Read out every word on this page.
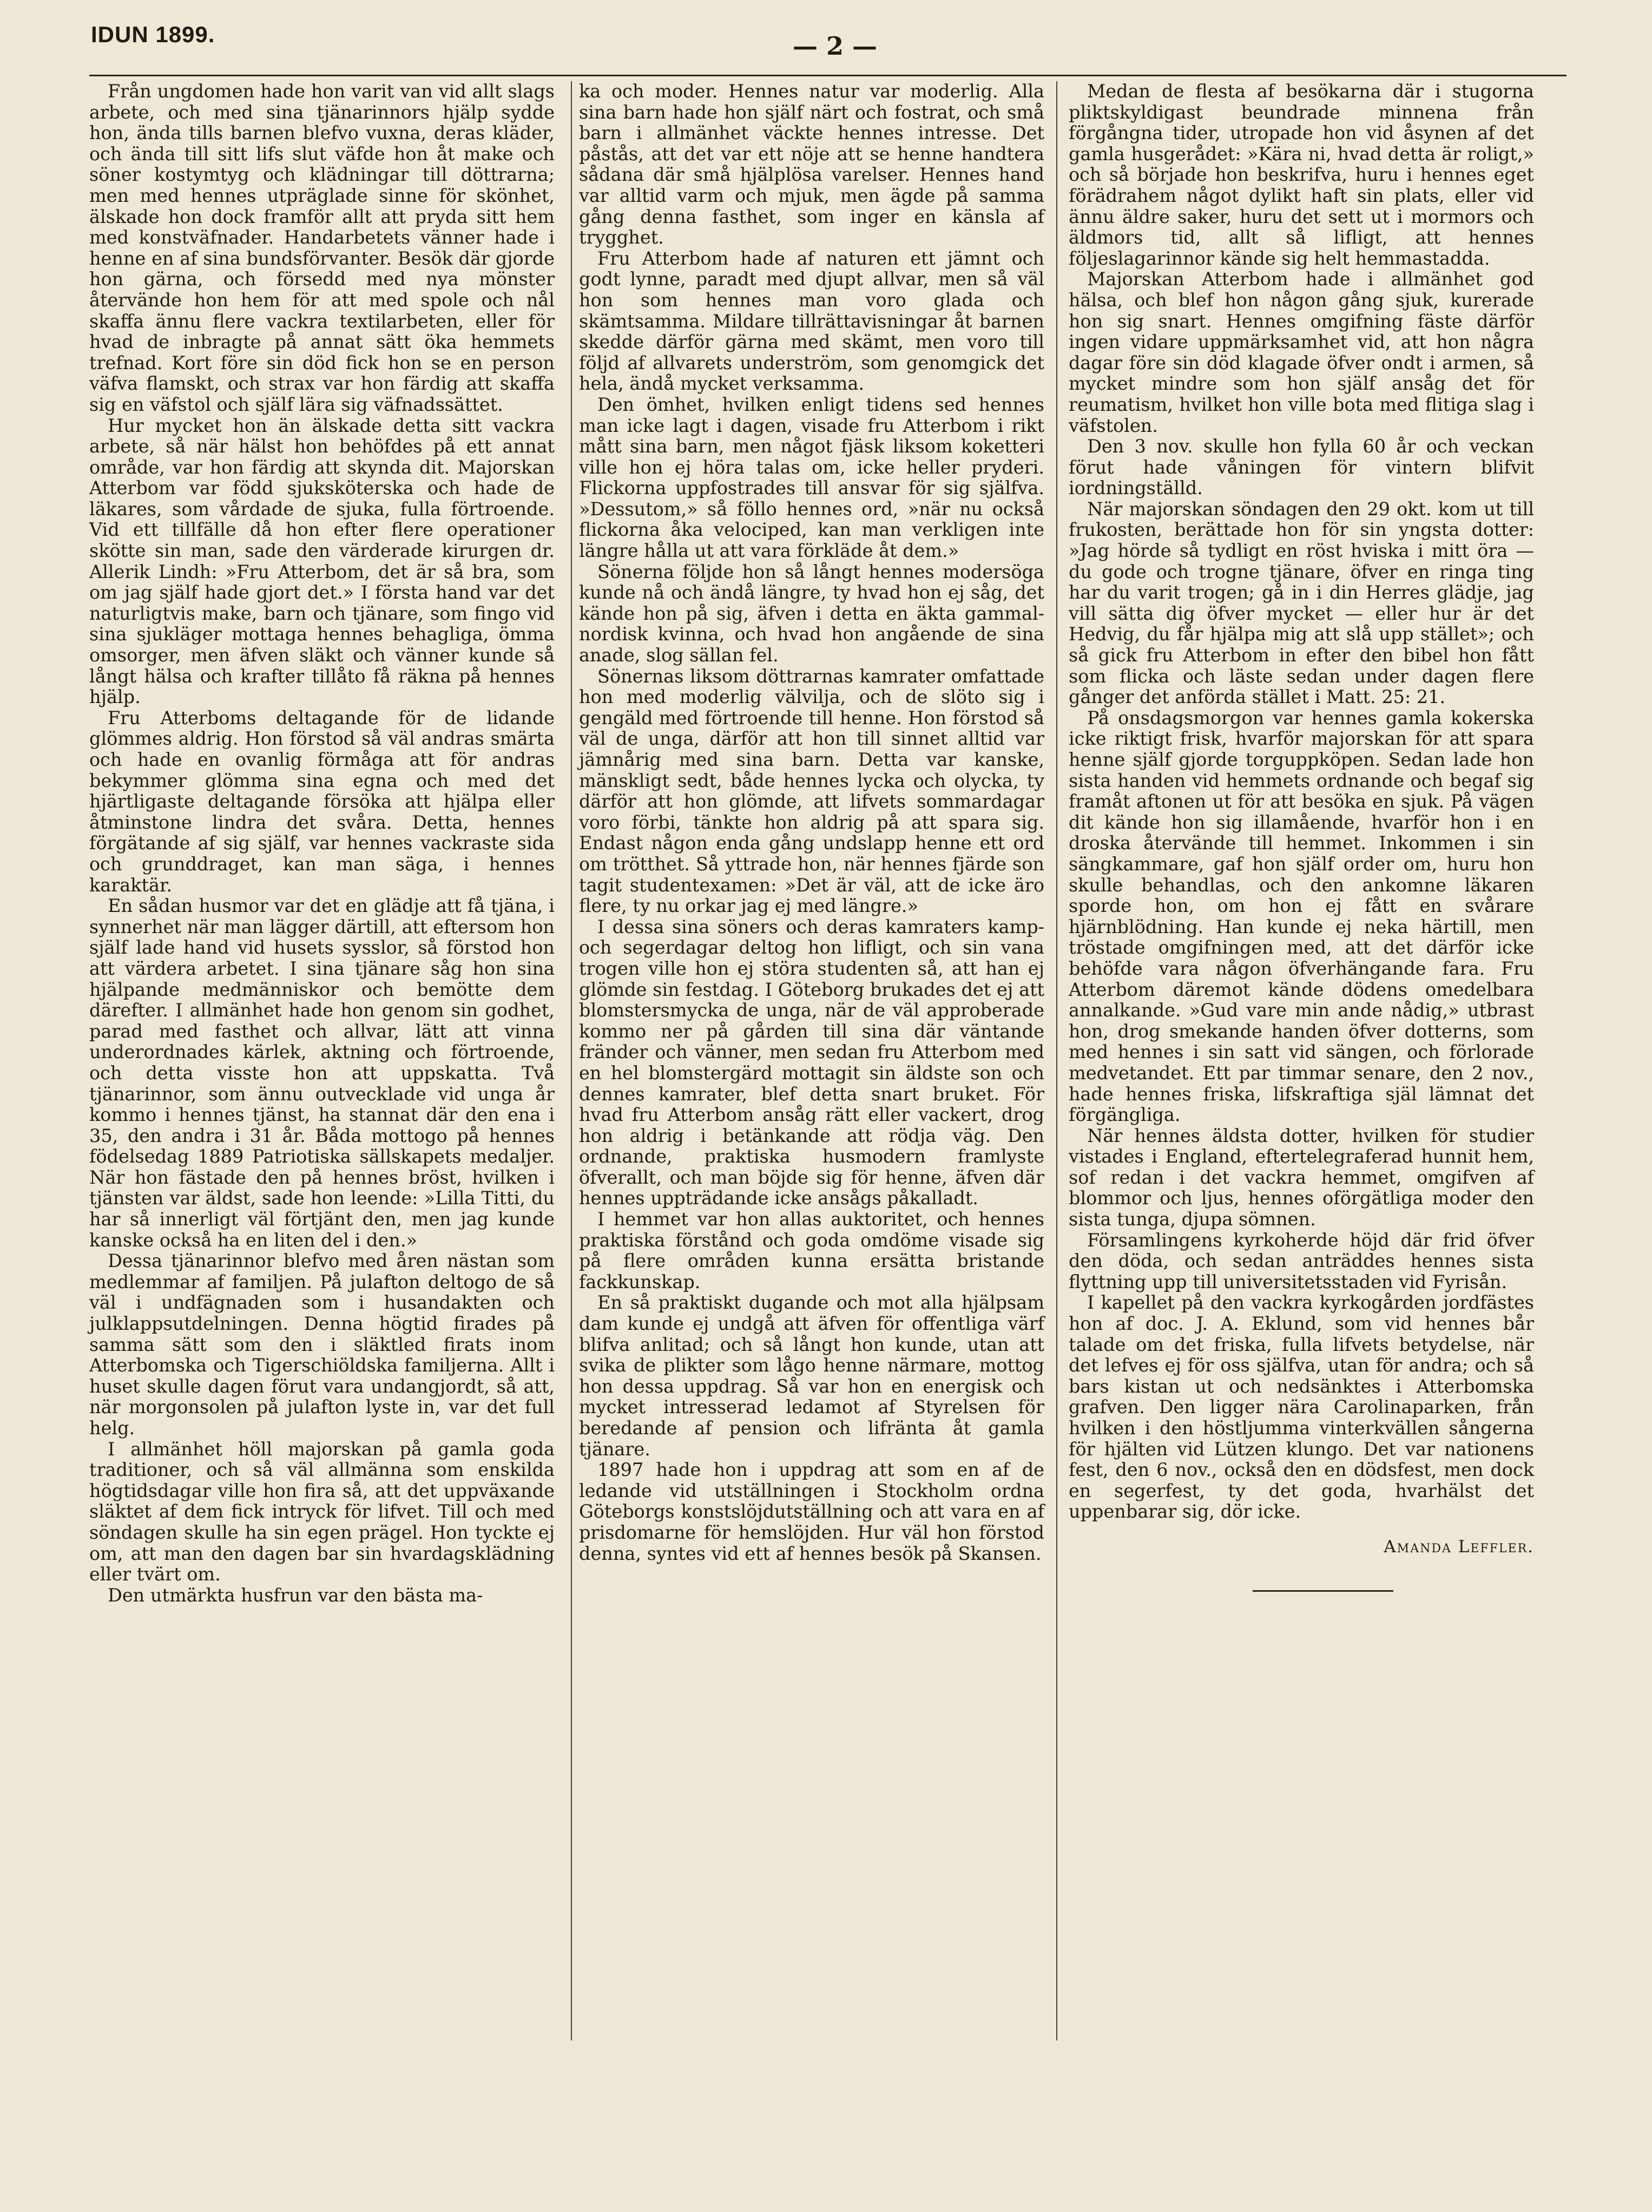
IDUN 1899.	— 2 —

Från ungdomen hade hon varit van vid allt slags arbete, och med sina tjänarinnors hjälp sydde hon, ända tills barnen blefvo vuxna, deras kläder, och ända till sitt lifs slut väfde hon åt make och söner kostymtyg och klädningar till döttrarna; men med hennes utpräglade sinne för skönhet, älskade hon dock framför allt att pryda sitt hem med konstväfnader. Handarbetets vänner hade i henne en af sina bundsförvanter. Besök där gjorde hon gärna, och försedd med nya mönster återvände hon hem för att med spole och nål skaffa ännu flere vackra textilarbeten, eller för hvad de inbragte på annat sätt öka hemmets trefnad. Kort före sin död fick hon se en person väfva flamskt, och strax var hon färdig att skaffa sig en väfstol och själf lära sig väfnadssättet.

Hur mycket hon än älskade detta sitt vackra arbete, så när hälst hon behöfdes på ett annat område, var hon färdig att skynda dit. Majorskan Atterbom var född sjuksköterska och hade de läkares, som vårdade de sjuka, fulla förtroende. Vid ett tillfälle då hon efter flere operationer skötte sin man, sade den värderade kirurgen dr. Allerik Lindh: »Fru Atterbom, det är så bra, som om jag själf hade gjort det.» I första hand var det naturligtvis make, barn och tjänare, som fingo vid sina sjukläger mottaga hennes behagliga, ömma omsorger, men äfven släkt och vänner kunde så långt hälsa och krafter tillåto få räkna på hennes hjälp.

Fru Atterboms deltagande för de lidande glömmes aldrig. Hon förstod så väl andras smärta och hade en ovanlig förmåga att för andras bekymmer glömma sina egna och med det hjärtligaste deltagande försöka att hjälpa eller åtminstone lindra det svåra. Detta, hennes förgätande af sig själf, var hennes vackraste sida och grunddraget, kan man säga, i hennes karaktär.

En sådan husmor var det en glädje att få tjäna, i synnerhet när man lägger därtill, att eftersom hon själf lade hand vid husets sysslor, så förstod hon att värdera arbetet. I sina tjänare såg hon sina hjälpande medmänniskor och bemötte dem därefter. I allmänhet hade hon genom sin godhet, parad med fasthet och allvar, lätt att vinna underordnades kärlek, aktning och förtroende, och detta visste hon att uppskatta. Två tjänarinnor, som ännu outvecklade vid unga år kommo i hennes tjänst, ha stannat där den ena i 35, den andra i 31 år. Båda mottogo på hennes födelsedag 1889 Patriotiska sällskapets medaljer. När hon fästade den på hennes bröst, hvilken i tjänsten var äldst, sade hon leende: »Lilla Titti, du har så innerligt väl förtjänt den, men jag kunde kanske också ha en liten del i den.»

Dessa tjänarinnor blefvo med åren nästan som medlemmar af familjen. På julafton deltogo de så väl i undfägnaden som i husandakten och julklappsutdelningen. Denna högtid firades på samma sätt som den i släktled firats inom Atterbomska och Tigerschiöldska familjerna. Allt i huset skulle dagen förut vara undangjordt, så att, när morgonsolen på julafton lyste in, var det full helg.

I allmänhet höll majorskan på gamla goda traditioner, och så väl allmänna som enskilda högtidsdagar ville hon fira så, att det uppväxande släktet af dem fick intryck för lifvet. Till och med söndagen skulle ha sin egen prägel. Hon tyckte ej om, att man den dagen bar sin hvardagsklädning eller tvärt om.

Den utmärkta husfrun var den bästa ma-

ka och moder. Hennes natur var moderlig. Alla sina barn hade hon själf närt och fostrat, och små barn i allmänhet väckte hennes intresse. Det påstås, att det var ett nöje att se henne handtera sådana där små hjälplösa varelser. Hennes hand var alltid varm och mjuk, men ägde på samma gång denna fasthet, som inger en känsla af trygghet.

Fru Atterbom hade af naturen ett jämnt och godt lynne, paradt med djupt allvar, men så väl hon som hennes man voro glada och skämtsamma. Mildare tillrättavisningar åt barnen skedde därför gärna med skämt, men voro till följd af allvarets underström, som genomgick det hela, ändå mycket verksamma.

Den ömhet, hvilken enligt tidens sed hennes man icke lagt i dagen, visade fru Atterbom i rikt mått sina barn, men något fjäsk liksom koketteri ville hon ej höra talas om, icke heller pryderi. Flickorna uppfostrades till ansvar för sig själfva. »Dessutom,» så föllo hennes ord, »när nu också flickorna åka velociped, kan man verkligen inte längre hålla ut att vara förkläde åt dem.»

Sönerna följde hon så långt hennes modersöga kunde nå och ändå längre, ty hvad hon ej såg, det kände hon på sig, äfven i detta en äkta gammal-nordisk kvinna, och hvad hon angående de sina anade, slog sällan fel.

Sönernas liksom döttrarnas kamrater omfattade hon med moderlig välvilja, och de slöto sig i gengäld med förtroende till henne. Hon förstod så väl de unga, därför att hon till sinnet alltid var jämnårig med sina barn. Detta var kanske, mänskligt sedt, både hennes lycka och olycka, ty därför att hon glömde, att lifvets sommardagar voro förbi, tänkte hon aldrig på att spara sig. Endast någon enda gång undslapp henne ett ord om trötthet. Så yttrade hon, när hennes fjärde son tagit studentexamen: »Det är väl, att de icke äro flere, ty nu orkar jag ej med längre.»

I dessa sina söners och deras kamraters kamp- och segerdagar deltog hon lifligt, och sin vana trogen ville hon ej störa studenten så, att han ej glömde sin festdag. I Göteborg brukades det ej att blomstersmycka de unga, när de väl approberade kommo ner på gården till sina där väntande fränder och vänner, men sedan fru Atterbom med en hel blomstergärd mottagit sin äldste son och dennes kamrater, blef detta snart bruket. För hvad fru Atterbom ansåg rätt eller vackert, drog hon aldrig i betänkande att rödja väg. Den ordnande, praktiska husmodern framlyste öfverallt, och man böjde sig för henne, äfven där hennes uppträdande icke ansågs påkalladt.

I hemmet var hon allas auktoritet, och hennes praktiska förstånd och goda omdöme visade sig på flere områden kunna ersätta bristande fackkunskap.

En så praktiskt dugande och mot alla hjälpsam dam kunde ej undgå att äfven för offentliga värf blifva anlitad; och så långt hon kunde, utan att svika de plikter som lågo henne närmare, mottog hon dessa uppdrag. Så var hon en energisk och mycket intresserad ledamot af Styrelsen för beredande af pension och lifränta åt gamla tjänare.

1897 hade hon i uppdrag att som en af de ledande vid utställningen i Stockholm ordna Göteborgs konstslöjdutställning och att vara en af prisdomarne för hemslöjden. Hur väl hon förstod denna, syntes vid ett af hennes besök på Skansen.

Medan de flesta af besökarna där i stugorna pliktskyldigast beundrade minnena från förgångna tider, utropade hon vid åsynen af det gamla husgerådet: »Kära ni, hvad detta är roligt,» och så började hon beskrifva, huru i hennes eget förädrahem något dylikt haft sin plats, eller vid ännu äldre saker, huru det sett ut i mormors och äldmors tid, allt så lifligt, att hennes följeslagarinnor kände sig helt hemmastadda.

Majorskan Atterbom hade i allmänhet god hälsa, och blef hon någon gång sjuk, kurerade hon sig snart. Hennes omgifning fäste därför ingen vidare uppmärksamhet vid, att hon några dagar före sin död klagade öfver ondt i armen, så mycket mindre som hon själf ansåg det för reumatism, hvilket hon ville bota med flitiga slag i väfstolen.

Den 3 nov. skulle hon fylla 60 år och veckan förut hade våningen för vintern blifvit iordningställd.

När majorskan söndagen den 29 okt. kom ut till frukosten, berättade hon för sin yngsta dotter: »Jag hörde så tydligt en röst hviska i mitt öra — du gode och trogne tjänare, öfver en ringa ting har du varit trogen; gå in i din Herres glädje, jag vill sätta dig öfver mycket — eller hur är det Hedvig, du får hjälpa mig att slå upp stället»; och så gick fru Atterbom in efter den bibel hon fått som flicka och läste sedan under dagen flere gånger det anförda stället i Matt. 25: 21.

På onsdagsmorgon var hennes gamla kokerska icke riktigt frisk, hvarför majorskan för att spara henne själf gjorde torguppköpen. Sedan lade hon sista handen vid hemmets ordnande och begaf sig framåt aftonen ut för att besöka en sjuk. På vägen dit kände hon sig illamående, hvarför hon i en droska återvände till hemmet. Inkommen i sin sängkammare, gaf hon själf order om, huru hon skulle behandlas, och den ankomne läkaren sporde hon, om hon ej fått en svårare hjärnblödning. Han kunde ej neka härtill, men tröstade omgifningen med, att det därför icke behöfde vara någon öfverhängande fara. Fru Atterbom däremot kände dödens omedelbara annalkande. »Gud vare min ande nådig,» utbrast hon, drog smekande handen öfver dotterns, som med hennes i sin satt vid sängen, och förlorade medvetandet. Ett par timmar senare, den 2 nov., hade hennes friska, lifskraftiga själ lämnat det förgängliga.

När hennes äldsta dotter, hvilken för studier vistades i England, eftertelegraferad hunnit hem, sof redan i det vackra hemmet, omgifven af blommor och ljus, hennes oförgätliga moder den sista tunga, djupa sömnen.

Församlingens kyrkoherde höjd där frid öfver den döda, och sedan anträddes hennes sista flyttning upp till universitetsstaden vid Fyrisån.

I kapellet på den vackra kyrkogården jordfästes hon af doc. J. A. Eklund, som vid hennes bår talade om det friska, fulla lifvets betydelse, när det lefves ej för oss själfva, utan för andra; och så bars kistan ut och nedsänktes i Atterbomska grafven. Den ligger nära Carolinaparken, från hvilken i den höstljumma vinterkvällen sångerna för hjälten vid Lützen klungo. Det var nationens fest, den 6 nov., också den en dödsfest, men dock en segerfest, ty det goda, hvarhälst det uppenbarar sig, dör icke.

Amanda Leffler.
